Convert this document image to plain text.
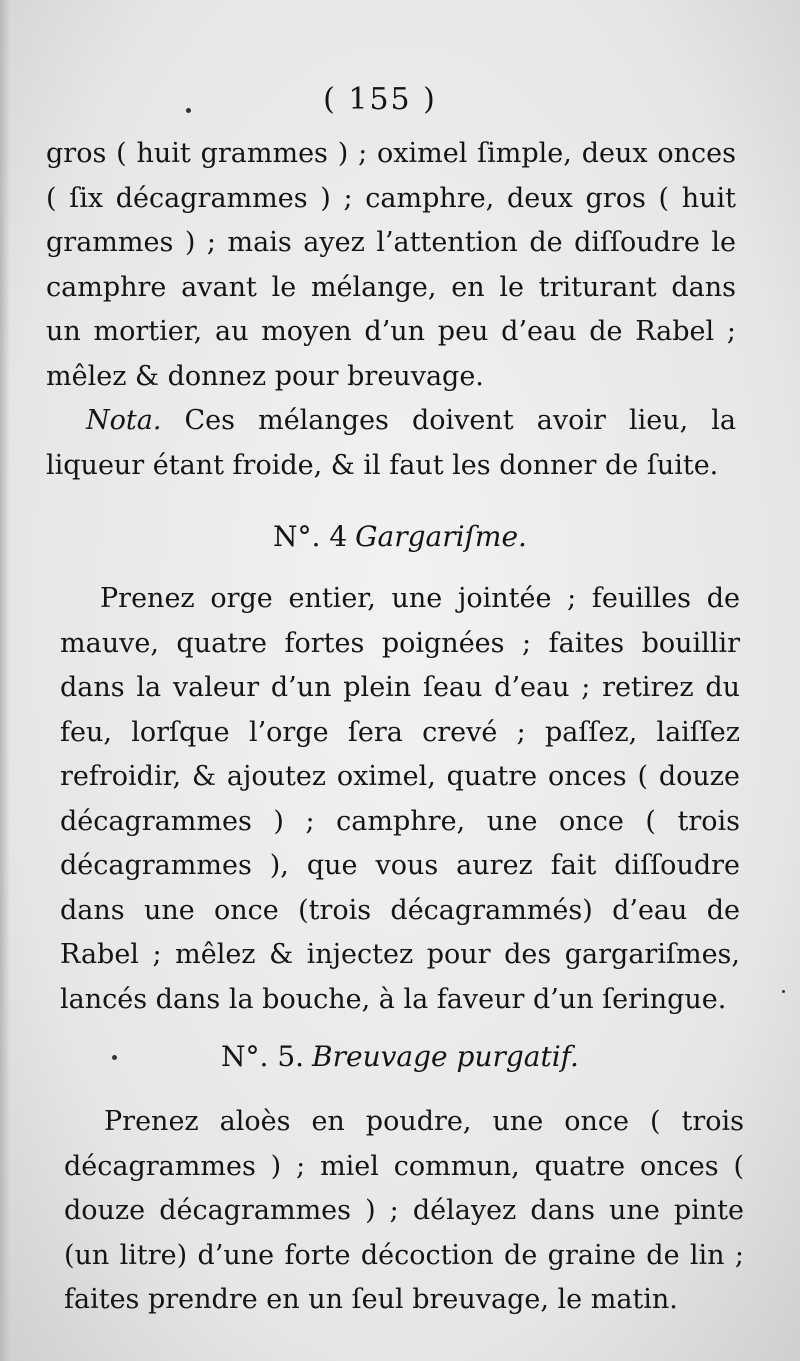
( 155 )

gros ( huit grammes ) ; oximel ſimple, deux onces ( ſix décagrammes ) ; camphre, deux gros ( huit grammes ) ; mais ayez l’attention de diſſoudre le camphre avant le mélange, en le triturant dans un mortier, au moyen d’un peu d’eau de Rabel ; mêlez & donnez pour breuvage.

Nota. Ces mélanges doivent avoir lieu, la liqueur étant froide, & il faut les donner de ſuite.

N°. 4 Gargariſme.

Prenez orge entier, une jointée ; feuilles de mauve, quatre fortes poignées ; faites bouillir dans la valeur d’un plein ſeau d’eau ; retirez du feu, lorſque l’orge ſera crevé ; paſſez, laiſſez refroidir, & ajoutez oximel, quatre onces ( douze décagrammes ) ; camphre, une once ( trois décagrammes ), que vous aurez fait diſſoudre dans une once (trois décagrammés) d’eau de Rabel ; mêlez & injectez pour des gargariſmes, lancés dans la bouche, à la faveur d’un ſeringue.

N°. 5. Breuvage purgatif.

Prenez aloès en poudre, une once ( trois décagrammes ) ; miel commun, quatre onces ( douze décagrammes ) ; délayez dans une pinte (un litre) d’une forte décoction de graine de lin ; faites prendre en un ſeul breuvage, le matin.
